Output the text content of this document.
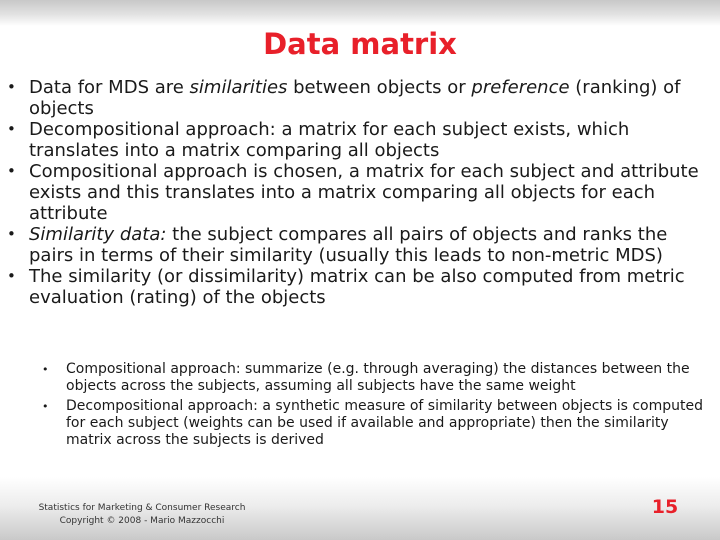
Data matrix
• Data for MDS are similarities between objects or preference (ranking) of objects
• Decompositional approach: a matrix for each subject exists, which translates into a matrix comparing all objects
• Compositional approach is chosen, a matrix for each subject and attribute exists and this translates into a matrix comparing all objects for each attribute
• Similarity data: the subject compares all pairs of objects and ranks the pairs in terms of their similarity (usually this leads to non-metric MDS)
• The similarity (or dissimilarity) matrix can be also computed from metric evaluation (rating) of the objects
• Compositional approach: summarize (e.g. through averaging) the distances between the objects across the subjects, assuming all subjects have the same weight
• Decompositional approach: a synthetic measure of similarity between objects is computed for each subject (weights can be used if available and appropriate) then the similarity matrix across the subjects is derived
Statistics for Marketing & Consumer Research
Copyright © 2008 - Mario Mazzocchi
15
